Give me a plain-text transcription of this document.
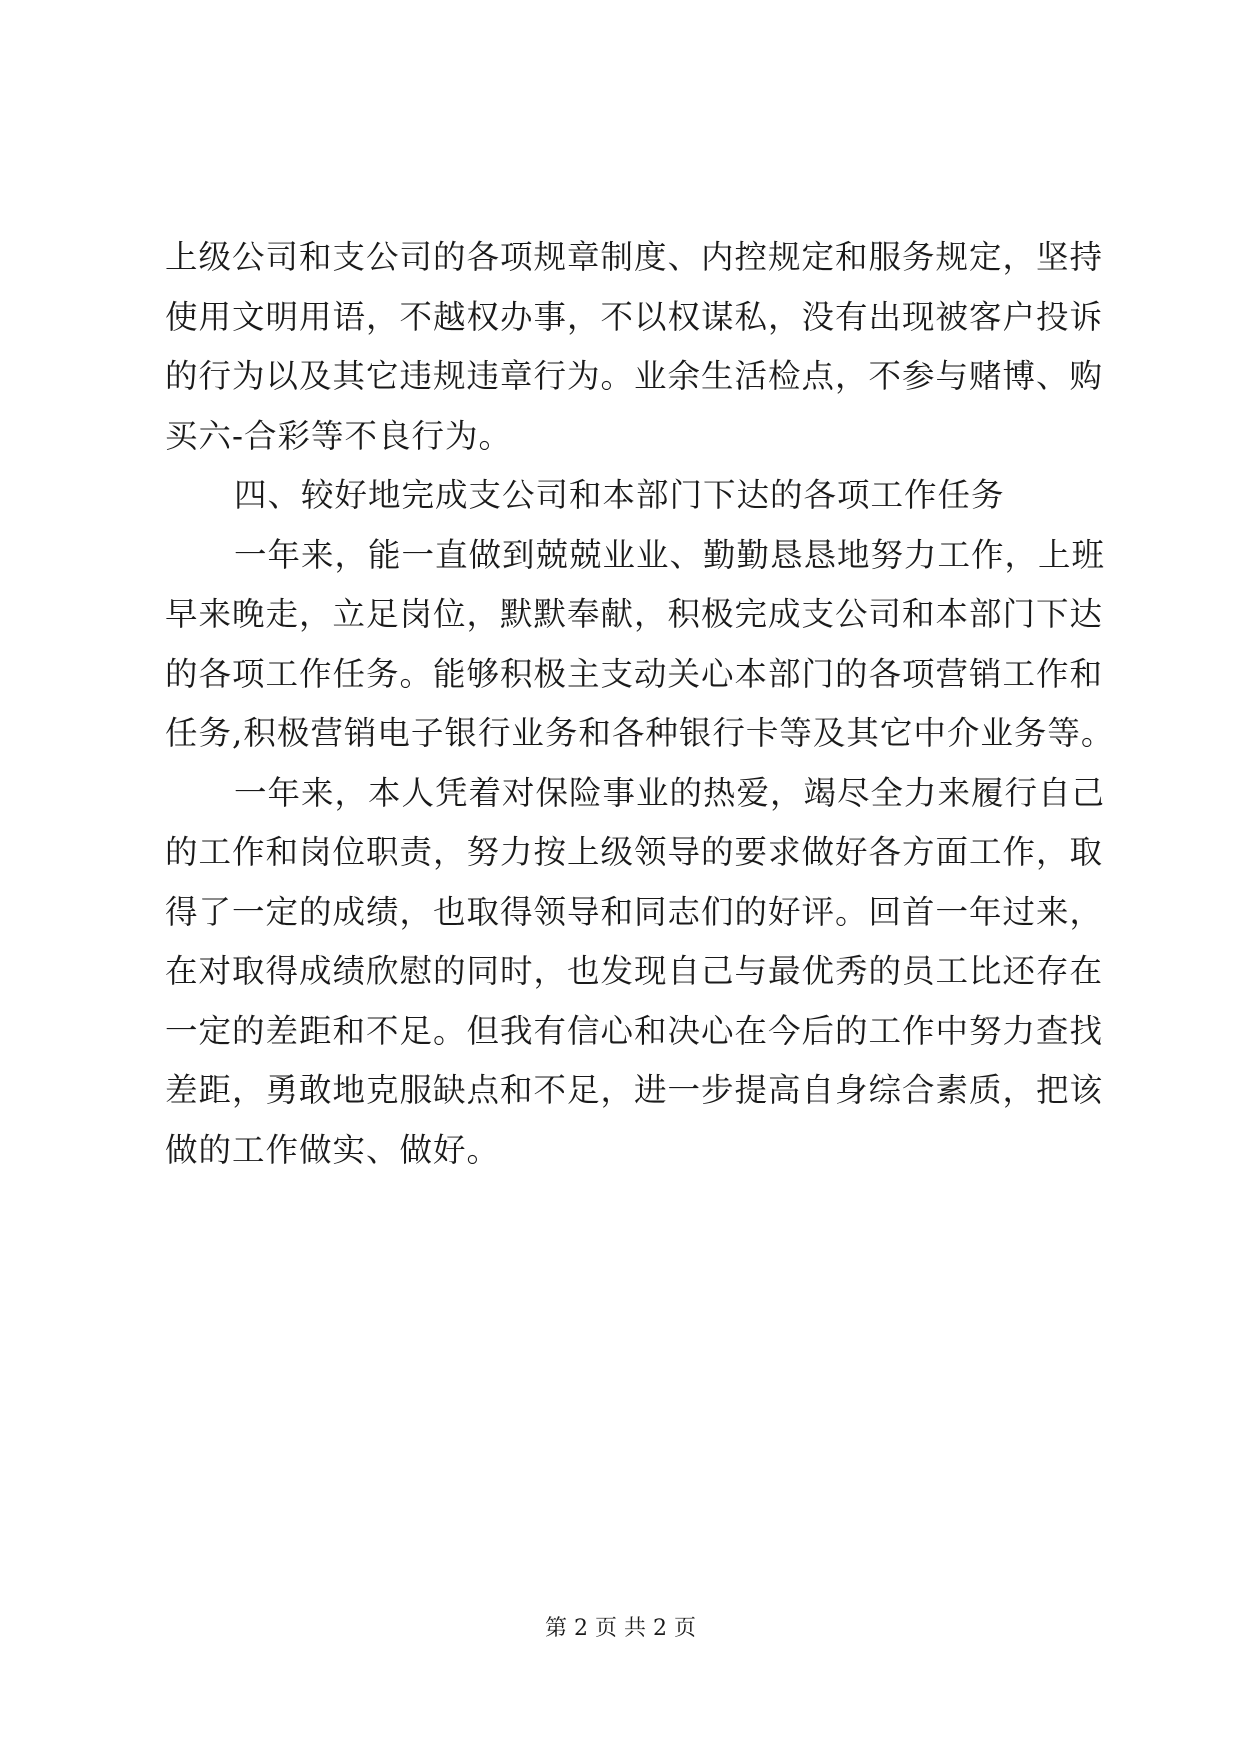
上级公司和支公司的各项规章制度、内控规定和服务规定，坚持
使用文明用语，不越权办事，不以权谋私，没有出现被客户投诉
的行为以及其它违规违章行为。业余生活检点，不参与赌博、购
买六-合彩等不良行为。
四、较好地完成支公司和本部门下达的各项工作任务
一年来，能一直做到兢兢业业、勤勤恳恳地努力工作，上班
早来晚走，立足岗位，默默奉献，积极完成支公司和本部门下达
的各项工作任务。能够积极主支动关心本部门的各项营销工作和
任务,积极营销电子银行业务和各种银行卡等及其它中介业务等。
一年来，本人凭着对保险事业的热爱，竭尽全力来履行自己
的工作和岗位职责，努力按上级领导的要求做好各方面工作，取
得了一定的成绩，也取得领导和同志们的好评。回首一年过来，
在对取得成绩欣慰的同时，也发现自己与最优秀的员工比还存在
一定的差距和不足。但我有信心和决心在今后的工作中努力查找
差距，勇敢地克服缺点和不足，进一步提高自身综合素质，把该
做的工作做实、做好。
第 2 页 共 2 页
